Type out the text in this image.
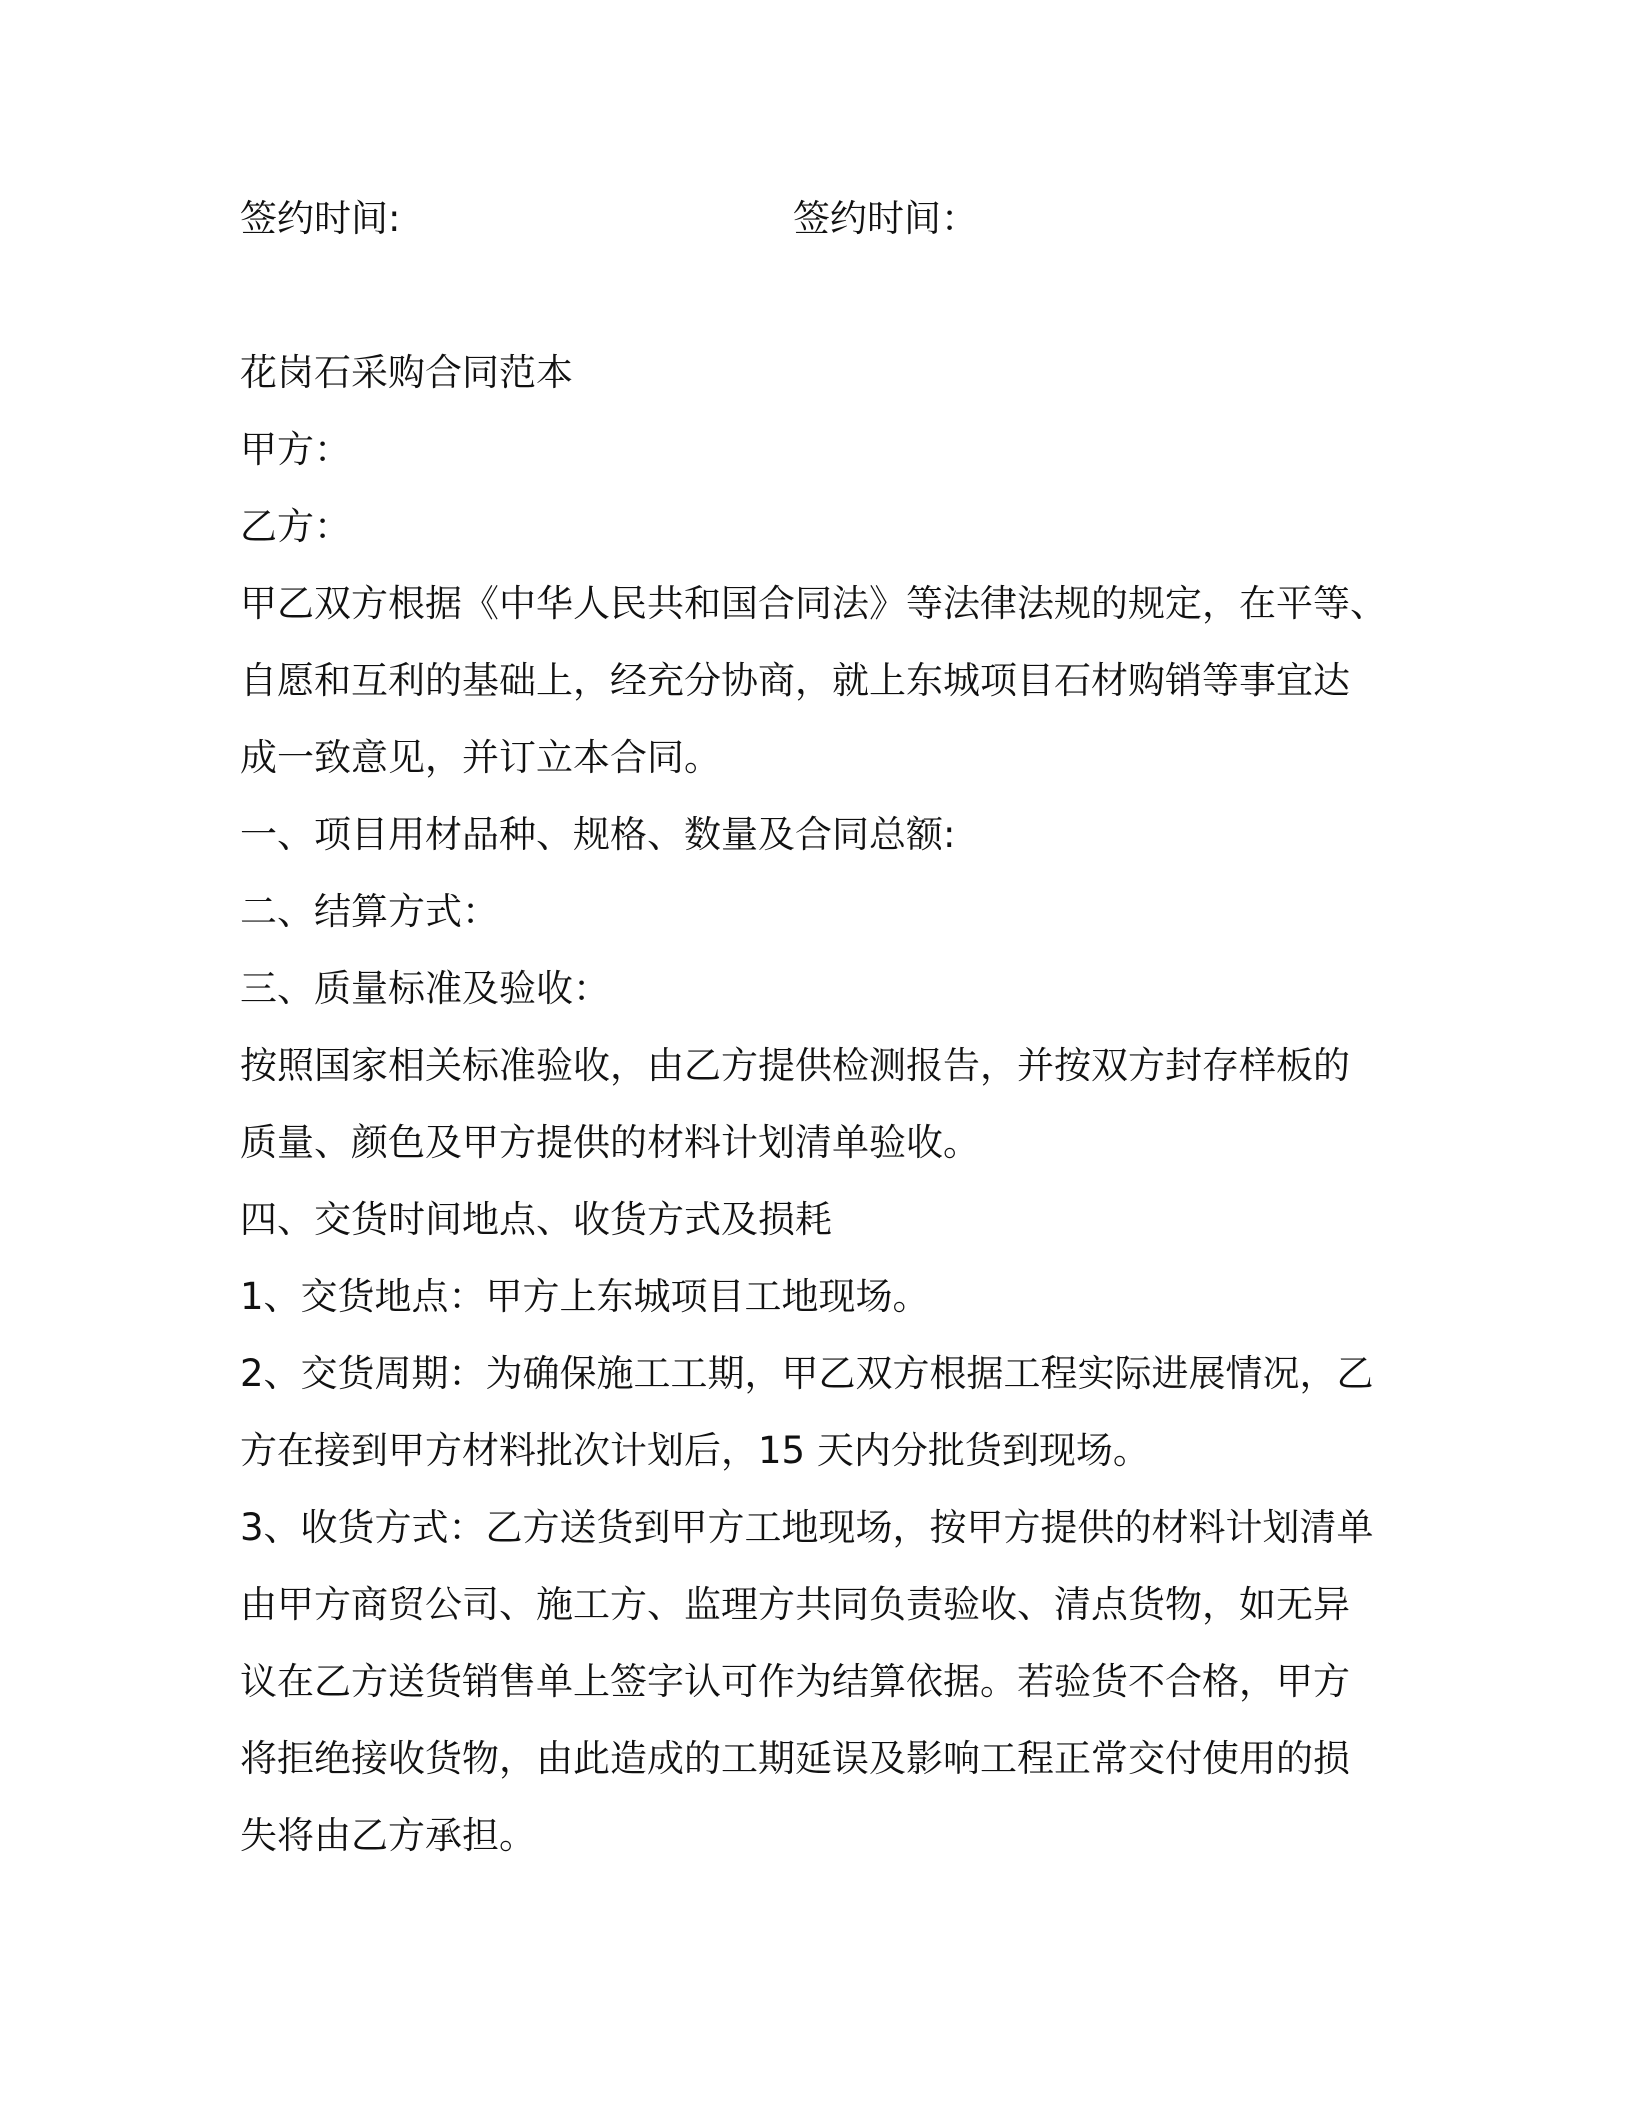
签约时间:	签约时间：
花岗石采购合同范本
甲方：
乙方：
甲乙双方根据《中华人民共和国合同法》等法律法规的规定，在平等、
自愿和互利的基础上，经充分协商，就上东城项目石材购销等事宜达
成一致意见，并订立本合同。
一、项目用材品种、规格、数量及合同总额:
二、结算方式：
三、质量标准及验收：
按照国家相关标准验收，由乙方提供检测报告，并按双方封存样板的
质量、颜色及甲方提供的材料计划清单验收。
四、交货时间地点、收货方式及损耗
1、交货地点：甲方上东城项目工地现场。
2、交货周期：为确保施工工期，甲乙双方根据工程实际进展情况，乙
方在接到甲方材料批次计划后，15 天内分批货到现场。
3、收货方式：乙方送货到甲方工地现场，按甲方提供的材料计划清单
由甲方商贸公司、施工方、监理方共同负责验收、清点货物，如无异
议在乙方送货销售单上签字认可作为结算依据。若验货不合格，甲方
将拒绝接收货物，由此造成的工期延误及影响工程正常交付使用的损
失将由乙方承担。
